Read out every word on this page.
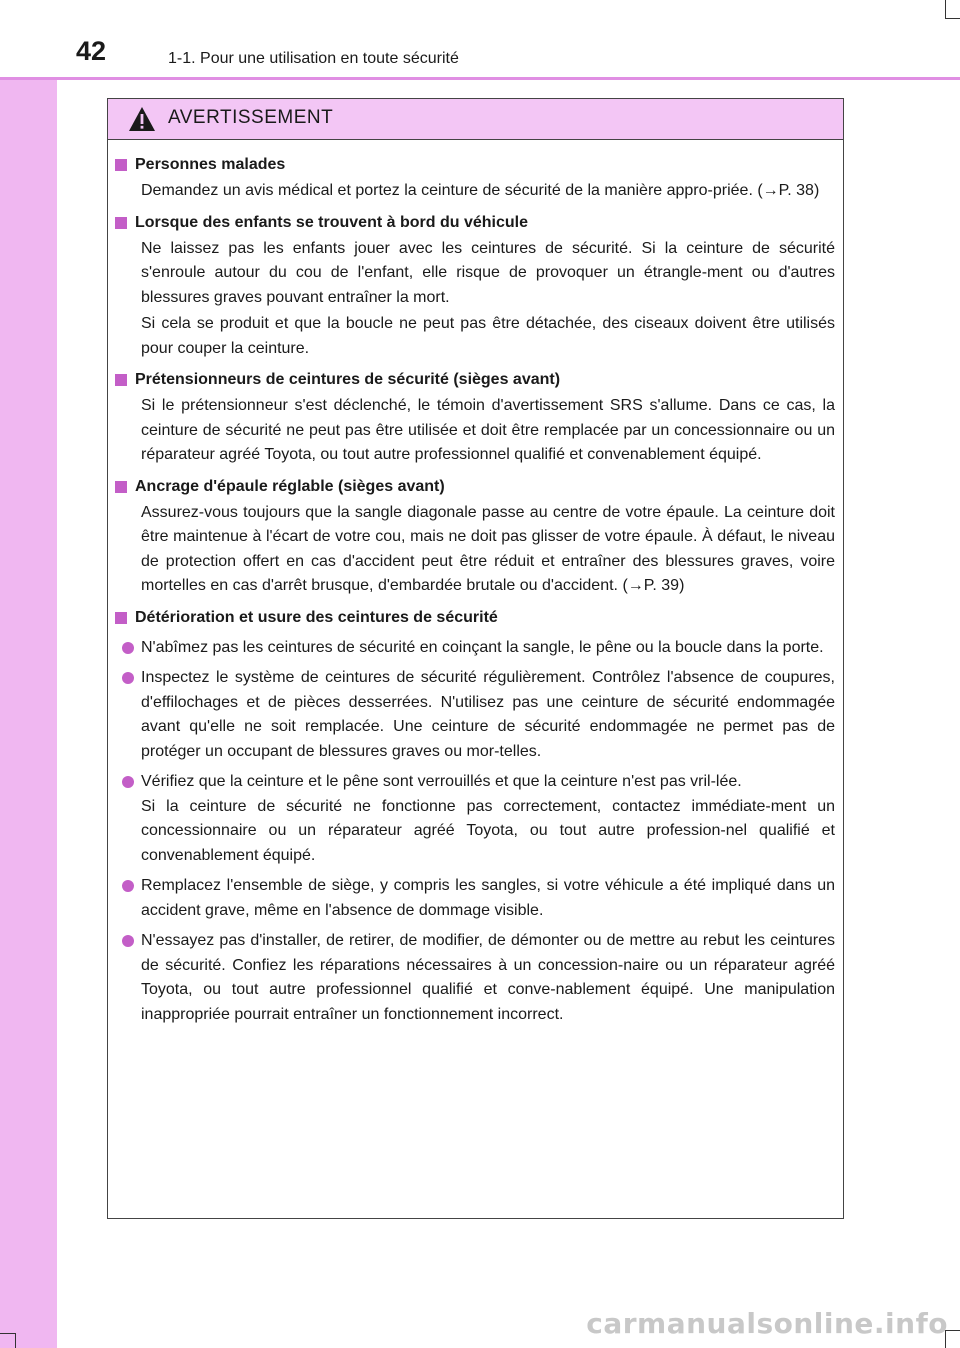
42	1-1. Pour une utilisation en toute sécurité
AVERTISSEMENT
Personnes malades

Demandez un avis médical et portez la ceinture de sécurité de la manière appro-priée. (→P. 38)

Lorsque des enfants se trouvent à bord du véhicule

Ne laissez pas les enfants jouer avec les ceintures de sécurité. Si la ceinture de sécurité s'enroule autour du cou de l'enfant, elle risque de provoquer un étrangle-ment ou d'autres blessures graves pouvant entraîner la mort.

Si cela se produit et que la boucle ne peut pas être détachée, des ciseaux doivent être utilisés pour couper la ceinture.

Prétensionneurs de ceintures de sécurité (sièges avant)

Si le prétensionneur s'est déclenché, le témoin d'avertissement SRS s'allume. Dans ce cas, la ceinture de sécurité ne peut pas être utilisée et doit être remplacée par un concessionnaire ou un réparateur agréé Toyota, ou tout autre professionnel qualifié et convenablement équipé.

Ancrage d'épaule réglable (sièges avant)

Assurez-vous toujours que la sangle diagonale passe au centre de votre épaule. La ceinture doit être maintenue à l'écart de votre cou, mais ne doit pas glisser de votre épaule. À défaut, le niveau de protection offert en cas d'accident peut être réduit et entraîner des blessures graves, voire mortelles en cas d'arrêt brusque, d'embardée brutale ou d'accident. (→P. 39)

Détérioration et usure des ceintures de sécurité
N'abîmez pas les ceintures de sécurité en coinçant la sangle, le pêne ou la boucle dans la porte.
Inspectez le système de ceintures de sécurité régulièrement. Contrôlez l'absence de coupures, d'effilochages et de pièces desserrées. N'utilisez pas une ceinture de sécurité endommagée avant qu'elle ne soit remplacée. Une ceinture de sécurité endommagée ne permet pas de protéger un occupant de blessures graves ou mor-telles.
Vérifiez que la ceinture et le pêne sont verrouillés et que la ceinture n'est pas vril-lée.
Si la ceinture de sécurité ne fonctionne pas correctement, contactez immédiate-ment un concessionnaire ou un réparateur agréé Toyota, ou tout autre profession-nel qualifié et convenablement équipé.
Remplacez l'ensemble de siège, y compris les sangles, si votre véhicule a été impliqué dans un accident grave, même en l'absence de dommage visible.
N'essayez pas d'installer, de retirer, de modifier, de démonter ou de mettre au rebut les ceintures de sécurité. Confiez les réparations nécessaires à un concession-naire ou un réparateur agréé Toyota, ou tout autre professionnel qualifié et conve-nablement équipé. Une manipulation inappropriée pourrait entraîner un fonctionnement incorrect.
carmanualsonline.info
